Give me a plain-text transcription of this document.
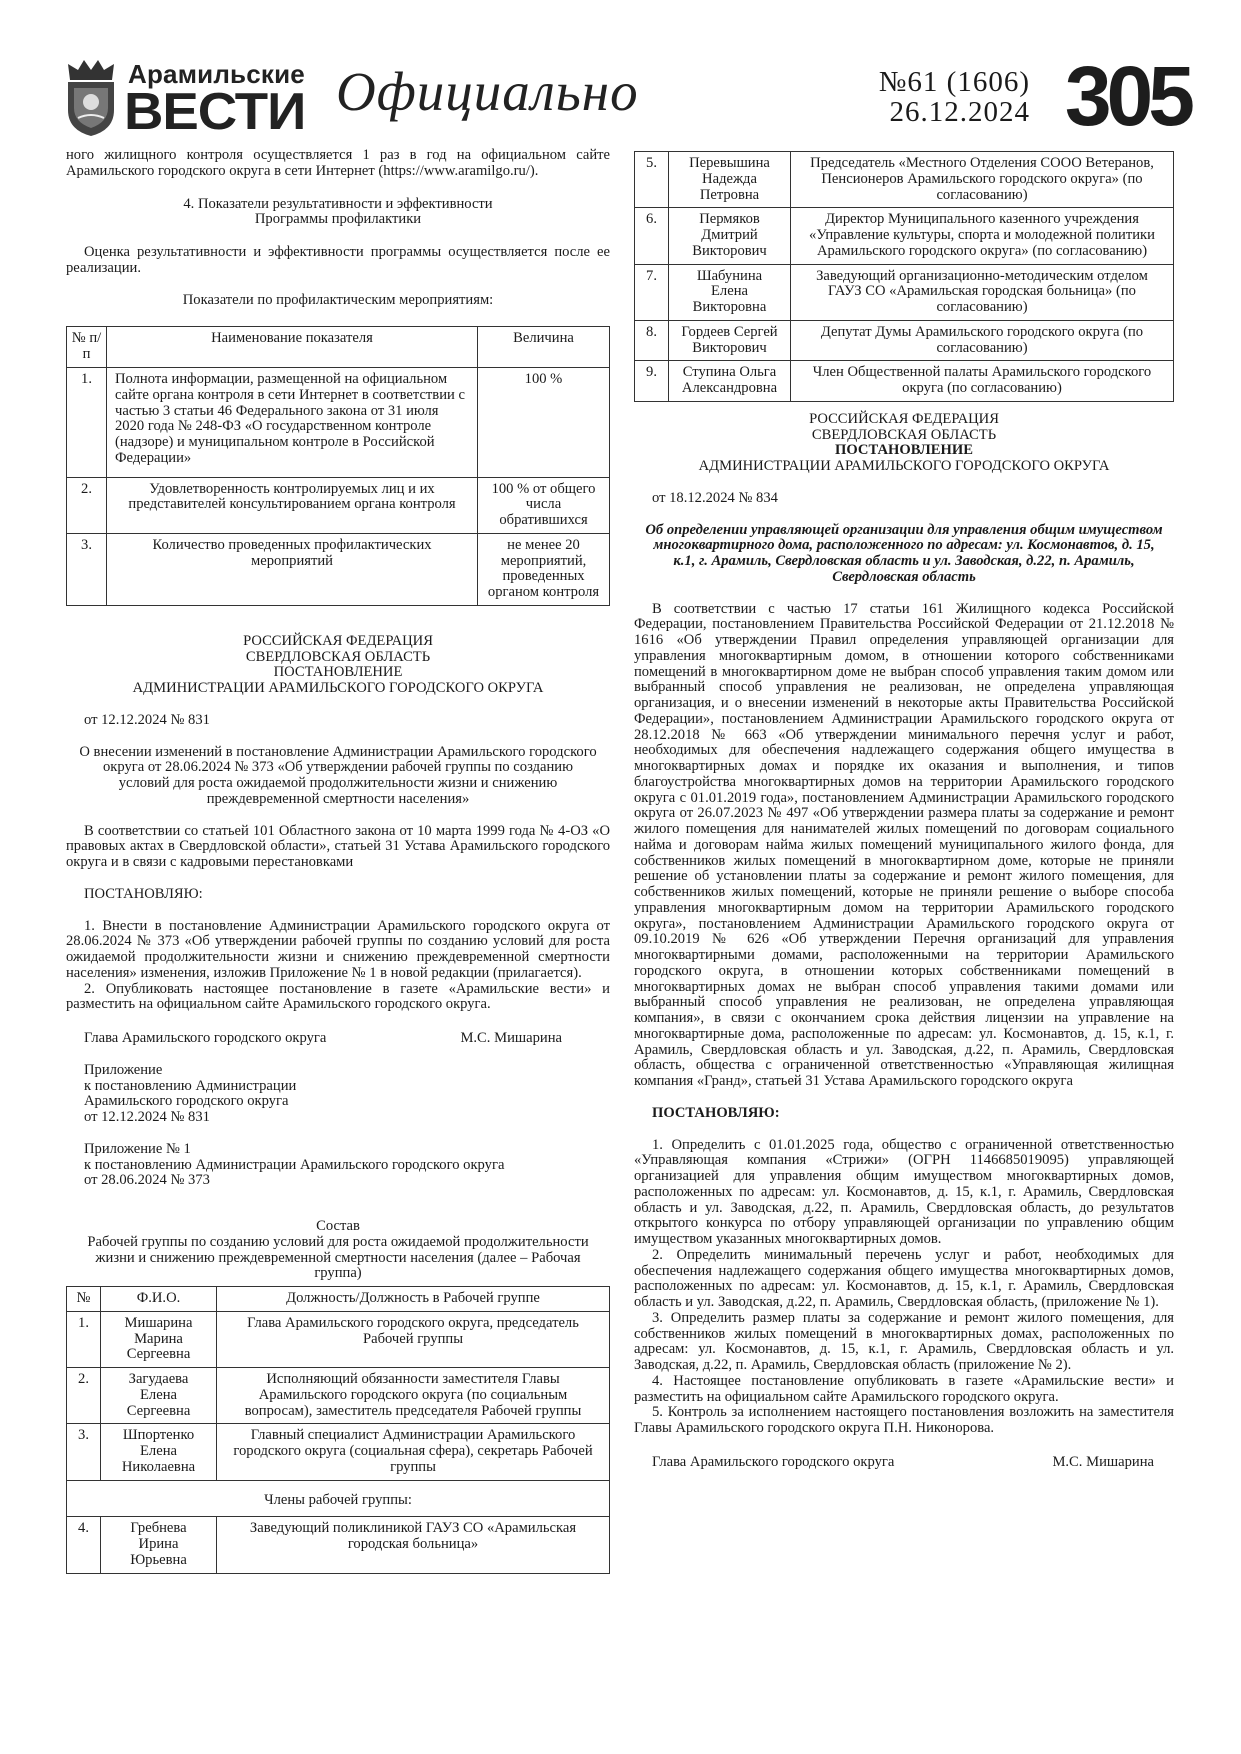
Арамильские
ВЕСТИ Официально	№61 (1606)
26.12.2024 305

ного жилищного контроля осуществляется 1 раз в год на официальном сайте Арамильского городского округа в сети Интернет (https://www.aramilgo.ru/).

4. Показатели результативности и эффективности

Программы профилактики

Оценка результативности и эффективности программы осуществляется после ее реализации.

Показатели по профилактическим мероприятиям:

№ п/п	Наименование показателя	Величина
1.	Полнота информации, размещенной на официальном сайте органа контроля в сети Интернет в соответствии с частью 3 статьи 46 Федерального закона от 31 июля 2020 года № 248-ФЗ «О государственном контроле (надзоре) и муниципальном контроле в Российской Федерации»	100 %
2.	Удовлетворенность контролируемых лиц и их представителей консультированием органа контроля	100 % от общего числа обратившихся
3.	Количество проведенных профилактических мероприятий	не менее 20 мероприятий, проведенных органом контроля

РОССИЙСКАЯ ФЕДЕРАЦИЯ

СВЕРДЛОВСКАЯ ОБЛАСТЬ

ПОСТАНОВЛЕНИЕ

АДМИНИСТРАЦИИ АРАМИЛЬСКОГО ГОРОДСКОГО ОКРУГА

от 12.12.2024 № 831

О внесении изменений в постановление Администрации Арамильского городского округа от 28.06.2024 № 373 «Об утверждении рабочей группы по созданию условий для роста ожидаемой продолжительности жизни и снижению преждевременной смертности населения»

В соответствии со статьей 101 Областного закона от 10 марта 1999 года № 4-ОЗ «О правовых актах в Свердловской области», статьей 31 Устава Арамильского городского округа и в связи с кадровыми перестановками

ПОСТАНОВЛЯЮ:

1. Внести в постановление Администрации Арамильского городского округа от 28.06.2024 № 373 «Об утверждении рабочей группы по созданию условий для роста ожидаемой продолжительности жизни и снижению преждевременной смертности населения» изменения, изложив Приложение № 1 в новой редакции (прилагается).

2. Опубликовать настоящее постановление в газете «Арамильские вести» и разместить на официальном сайте Арамильского городского округа.

Глава Арамильского городского округа	М.С. Мишарина

Приложение

к постановлению Администрации

Арамильского городского округа

от 12.12.2024 № 831

Приложение № 1

к постановлению Администрации Арамильского городского округа

от 28.06.2024 № 373

Состав

Рабочей группы по созданию условий для роста ожидаемой продолжительности жизни и снижению преждевременной смертности населения (далее – Рабочая группа)

№	Ф.И.О.	Должность/Должность в Рабочей группе
1.	Мишарина Марина Сергеевна	Глава Арамильского городского округа, председатель Рабочей группы
2.	Загудаева Елена Сергеевна	Исполняющий обязанности заместителя Главы Арамильского городского округа (по социальным вопросам), заместитель председателя Рабочей группы
3.	Шпортенко Елена Николаевна	Главный специалист Администрации Арамильского городского округа (социальная сфера), секретарь Рабочей группы
Члены рабочей группы:		
4.	Гребнева Ирина Юрьевна	Заведующий поликлиникой ГАУЗ СО «Арамильская городская больница»
5.	Перевышина Надежда Петровна	Председатель «Местного Отделения СООО Ветеранов, Пенсионеров Арамильского городского округа» (по согласованию)
6.	Пермяков Дмитрий Викторович	Директор Муниципального казенного учреждения «Управление культуры, спорта и молодежной политики Арамильского городского округа» (по согласованию)
7.	Шабунина Елена Викторовна	Заведующий организационно-методическим отделом ГАУЗ СО «Арамильская городская больница» (по согласованию)
8.	Гордеев Сергей Викторович	Депутат Думы Арамильского городского округа (по согласованию)
9.	Ступина Ольга Александровна	Член Общественной палаты Арамильского городского округа (по согласованию)

РОССИЙСКАЯ ФЕДЕРАЦИЯ

СВЕРДЛОВСКАЯ ОБЛАСТЬ

ПОСТАНОВЛЕНИЕ

АДМИНИСТРАЦИИ АРАМИЛЬСКОГО ГОРОДСКОГО ОКРУГА

от 18.12.2024 № 834

Об определении управляющей организации для управления общим имуществом многоквартирного дома, расположенного по адресам: ул. Космонавтов, д. 15, к.1, г. Арамиль, Свердловская область и ул. Заводская, д.22, п. Арамиль, Свердловская область

В соответствии с частью 17 статьи 161 Жилищного кодекса Российской Федерации, постановлением Правительства Российской Федерации от 21.12.2018 № 1616 «Об утверждении Правил определения управляющей организации для управления многоквартирным домом, в отношении которого собственниками помещений в многоквартирном доме не выбран способ управления таким домом или выбранный способ управления не реализован, не определена управляющая организация, и о внесении изменений в некоторые акты Правительства Российской Федерации», постановлением Администрации Арамильского городского округа от 28.12.2018 № 663 «Об утверждении минимального перечня услуг и работ, необходимых для обеспечения надлежащего содержания общего имущества в многоквартирных домах и порядке их оказания и выполнения, и типов благоустройства многоквартирных домов на территории Арамильского городского округа с 01.01.2019 года», постановлением Администрации Арамильского городского округа от 26.07.2023 № 497 «Об утверждении размера платы за содержание и ремонт жилого помещения для нанимателей жилых помещений по договорам социального найма и договорам найма жилых помещений муниципального жилого фонда, для собственников жилых помещений в многоквартирном доме, которые не приняли решение об установлении платы за содержание и ремонт жилого помещения, для собственников жилых помещений, которые не приняли решение о выборе способа управления многоквартирным домом на территории Арамильского городского округа», постановлением Администрации Арамильского городского округа от 09.10.2019 № 626 «Об утверждении Перечня организаций для управления многоквартирными домами, расположенными на территории Арамильского городского округа, в отношении которых собственниками помещений в многоквартирных домах не выбран способ управления такими домами или выбранный способ управления не реализован, не определена управляющая компания», в связи с окончанием срока действия лицензии на управление на многоквартирные дома, расположенные по адресам: ул. Космонавтов, д. 15, к.1, г. Арамиль, Свердловская область и ул. Заводская, д.22, п. Арамиль, Свердловская область, общества с ограниченной ответственностью «Управляющая жилищная компания «Гранд», статьей 31 Устава Арамильского городского округа

ПОСТАНОВЛЯЮ:

1. Определить с 01.01.2025 года, общество с ограниченной ответственностью «Управляющая компания «Стрижи» (ОГРН 1146685019095) управляющей организацией для управления общим имуществом многоквартирных домов, расположенных по адресам: ул. Космонавтов, д. 15, к.1, г. Арамиль, Свердловская область и ул. Заводская, д.22, п. Арамиль, Свердловская область, до результатов открытого конкурса по отбору управляющей организации по управлению общим имуществом указанных многоквартирных домов.

2. Определить минимальный перечень услуг и работ, необходимых для обеспечения надлежащего содержания общего имущества многоквартирных домов, расположенных по адресам: ул. Космонавтов, д. 15, к.1, г. Арамиль, Свердловская область и ул. Заводская, д.22, п. Арамиль, Свердловская область, (приложение № 1).

3. Определить размер платы за содержание и ремонт жилого помещения, для собственников жилых помещений в многоквартирных домах, расположенных по адресам: ул. Космонавтов, д. 15, к.1, г. Арамиль, Свердловская область и ул. Заводская, д.22, п. Арамиль, Свердловская область (приложение № 2).

4. Настоящее постановление опубликовать в газете «Арамильские вести» и разместить на официальном сайте Арамильского городского округа.

5. Контроль за исполнением настоящего постановления возложить на заместителя Главы Арамильского городского округа П.Н. Никонорова.

Глава Арамильского городского округа	М.С. Мишарина
